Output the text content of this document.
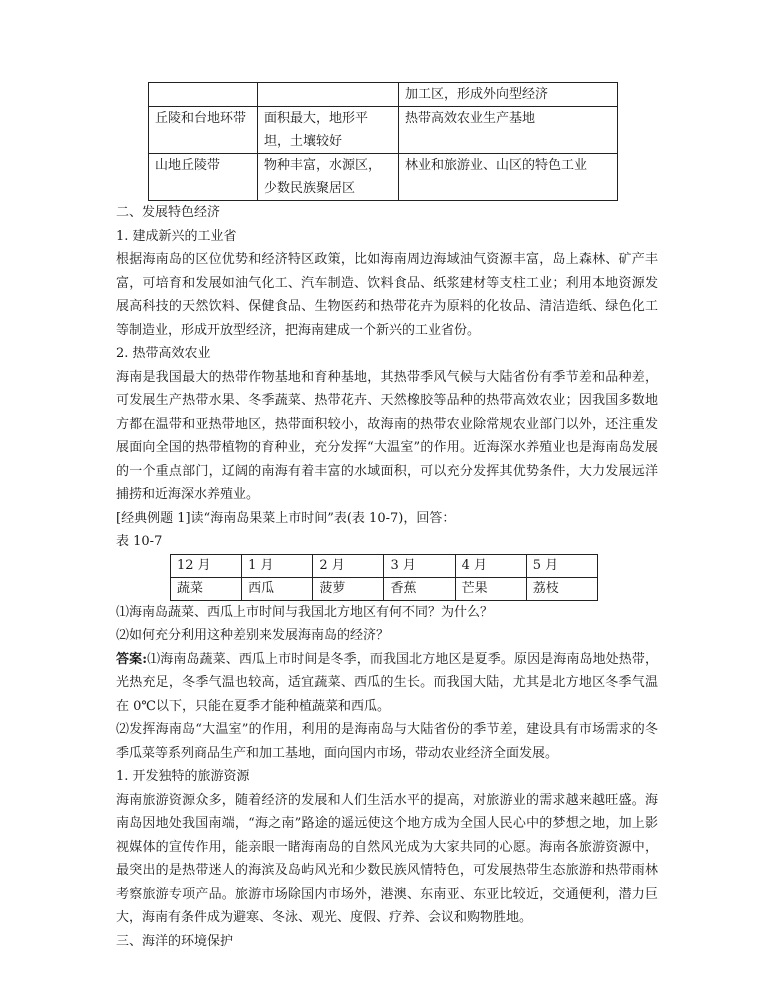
		加工区，形成外向型经济
丘陵和台地环带	面积最大，地形平坦，土壤较好	热带高效农业生产基地
山地丘陵带	物种丰富，水源区，少数民族聚居区	林业和旅游业、山区的特色工业

二、发展特色经济

1. 建成新兴的工业省

根据海南岛的区位优势和经济特区政策，比如海南周边海域油气资源丰富，岛上森林、矿产丰富，可培育和发展如油气化工、汽车制造、饮料食品、纸浆建材等支柱工业；利用本地资源发展高科技的天然饮料、保健食品、生物医药和热带花卉为原料的化妆品、清洁造纸、绿色化工等制造业，形成开放型经济，把海南建成一个新兴的工业省份。

2. 热带高效农业

海南是我国最大的热带作物基地和育种基地，其热带季风气候与大陆省份有季节差和品种差，可发展生产热带水果、冬季蔬菜、热带花卉、天然橡胶等品种的热带高效农业；因我国多数地方都在温带和亚热带地区，热带面积较小，故海南的热带农业除常规农业部门以外，还注重发展面向全国的热带植物的育种业，充分发挥“大温室”的作用。近海深水养殖业也是海南岛发展的一个重点部门，辽阔的南海有着丰富的水域面积，可以充分发挥其优势条件，大力发展远洋捕捞和近海深水养殖业。

[经典例题 1]读“海南岛果菜上市时间”表(表 10-7)，回答：

表 10-7

12 月	1 月	2 月	3 月	4 月	5 月
蔬菜	西瓜	菠萝	香蕉	芒果	荔枝

⑴海南岛蔬菜、西瓜上市时间与我国北方地区有何不同？为什么？

⑵如何充分利用这种差别来发展海南岛的经济？

答案:⑴海南岛蔬菜、西瓜上市时间是冬季，而我国北方地区是夏季。原因是海南岛地处热带，光热充足，冬季气温也较高，适宜蔬菜、西瓜的生长。而我国大陆，尤其是北方地区冬季气温在 0℃以下，只能在夏季才能种植蔬菜和西瓜。

⑵发挥海南岛“大温室”的作用，利用的是海南岛与大陆省份的季节差，建设具有市场需求的冬季瓜菜等系列商品生产和加工基地，面向国内市场，带动农业经济全面发展。

1. 开发独特的旅游资源

海南旅游资源众多，随着经济的发展和人们生活水平的提高，对旅游业的需求越来越旺盛。海南岛因地处我国南端，“海之南”路途的遥远使这个地方成为全国人民心中的梦想之地，加上影视媒体的宣传作用，能亲眼一睹海南岛的自然风光成为大家共同的心愿。海南各旅游资源中，最突出的是热带迷人的海滨及岛屿风光和少数民族风情特色，可发展热带生态旅游和热带雨林考察旅游专项产品。旅游市场除国内市场外，港澳、东南亚、东亚比较近，交通便利，潜力巨大，海南有条件成为避寒、冬泳、观光、度假、疗养、会议和购物胜地。

三、海洋的环境保护
